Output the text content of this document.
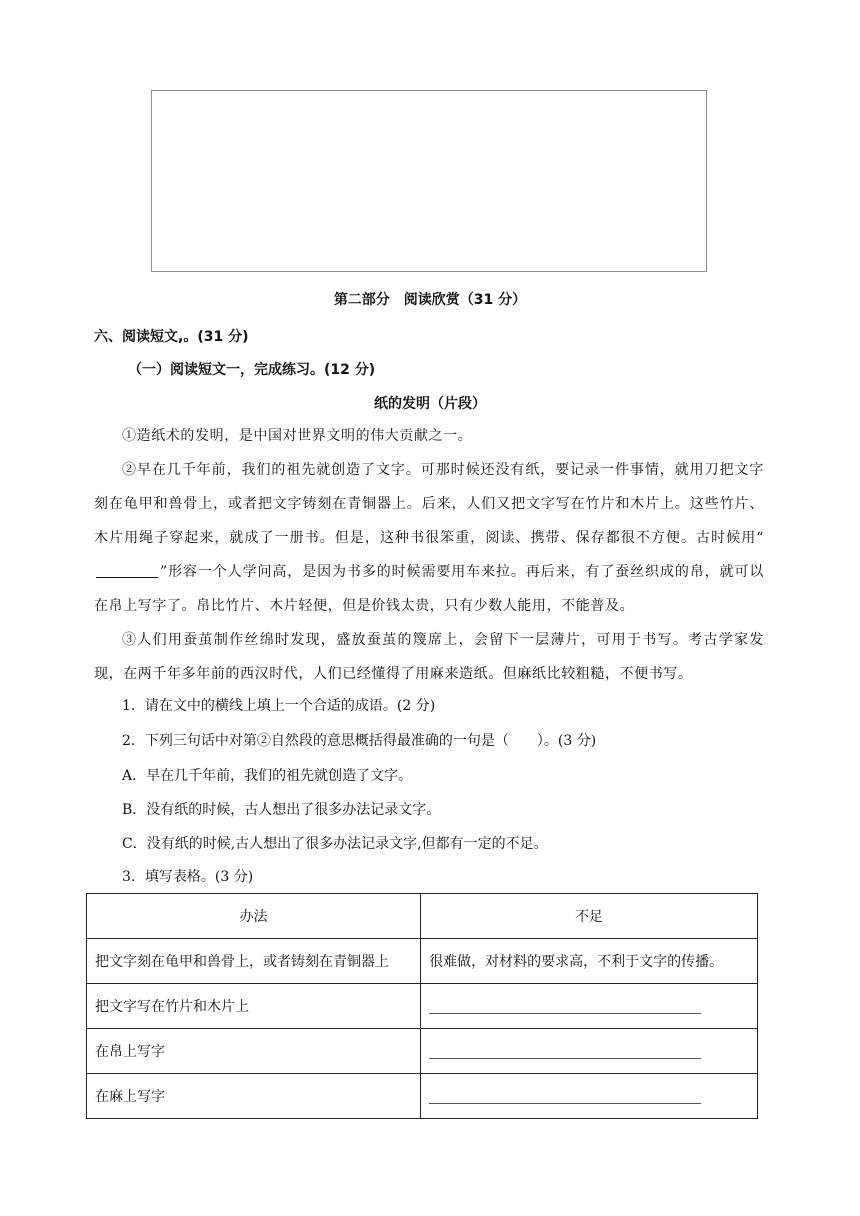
第二部分　阅读欣赏（31 分）
六、阅读短文,。(31 分)
（一）阅读短文一，完成练习。(12 分)
纸的发明（片段）
①造纸术的发明，是中国对世界文明的伟大贡献之一。
②早在几千年前，我们的祖先就创造了文字。可那时候还没有纸，要记录一件事情，就用刀把文字刻在龟甲和兽骨上，或者把文字铸刻在青铜器上。后来，人们又把文字写在竹片和木片上。这些竹片、木片用绳子穿起来，就成了一册书。但是，这种书很笨重，阅读、携带、保存都很不方便。古时候用“”形容一个人学问高，是因为书多的时候需要用车来拉。再后来，有了蚕丝织成的帛，就可以在帛上写字了。帛比竹片、木片轻便，但是价钱太贵，只有少数人能用，不能普及。
③人们用蚕茧制作丝绵时发现，盛放蚕茧的篾席上，会留下一层薄片，可用于书写。考古学家发现，在两千年多年前的西汉时代，人们已经懂得了用麻来造纸。但麻纸比较粗糙，不便书写。
1．请在文中的横线上填上一个合适的成语。(2 分)
2．下列三句话中对第②自然段的意思概括得最准确的一句是（　　）。(3 分)
A．早在几千年前，我们的祖先就创造了文字。
B．没有纸的时候，古人想出了很多办法记录文字。
C．没有纸的时候,古人想出了很多办法记录文字,但都有一定的不足。
3．填写表格。(3 分)
办法	不足
把文字刻在龟甲和兽骨上，或者铸刻在青铜器上	很难做，对材料的要求高，不利于文字的传播。
把文字写在竹片和木片上	
在帛上写字	
在麻上写字	
